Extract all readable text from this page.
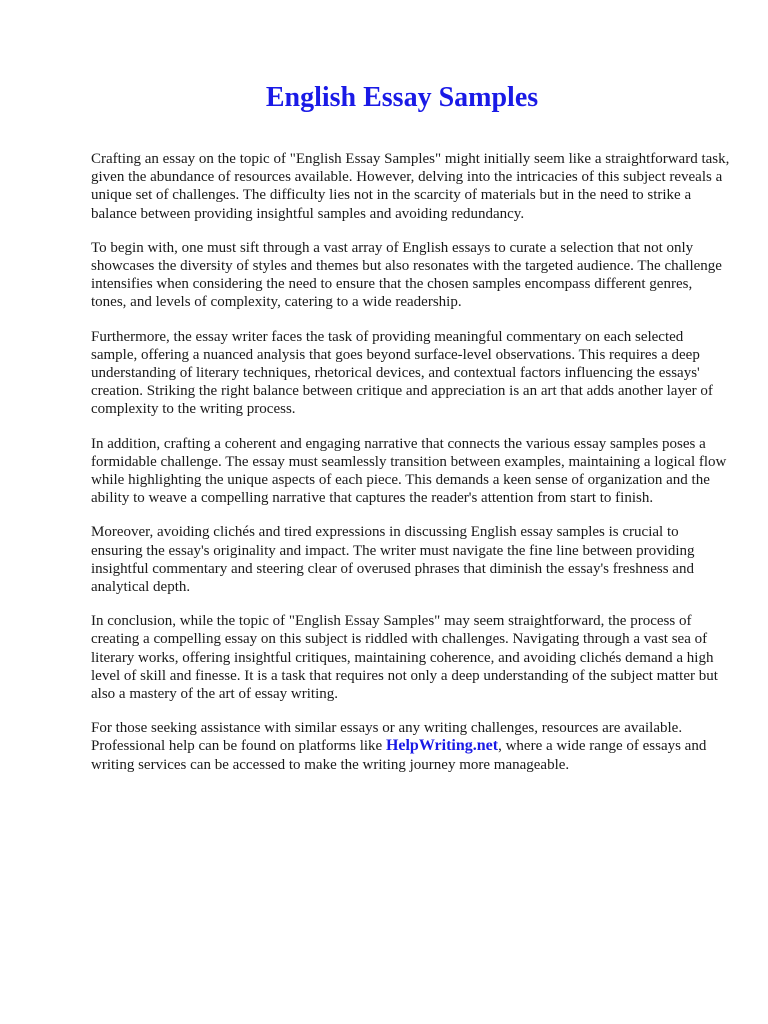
English Essay Samples

Crafting an essay on the topic of "English Essay Samples" might initially seem like a straightforward task, given the abundance of resources available. However, delving into the intricacies of this subject reveals a unique set of challenges. The difficulty lies not in the scarcity of materials but in the need to strike a balance between providing insightful samples and avoiding redundancy.

To begin with, one must sift through a vast array of English essays to curate a selection that not only showcases the diversity of styles and themes but also resonates with the targeted audience. The challenge intensifies when considering the need to ensure that the chosen samples encompass different genres, tones, and levels of complexity, catering to a wide readership.

Furthermore, the essay writer faces the task of providing meaningful commentary on each selected sample, offering a nuanced analysis that goes beyond surface-level observations. This requires a deep understanding of literary techniques, rhetorical devices, and contextual factors influencing the essays' creation. Striking the right balance between critique and appreciation is an art that adds another layer of complexity to the writing process.

In addition, crafting a coherent and engaging narrative that connects the various essay samples poses a formidable challenge. The essay must seamlessly transition between examples, maintaining a logical flow while highlighting the unique aspects of each piece. This demands a keen sense of organization and the ability to weave a compelling narrative that captures the reader's attention from start to finish.

Moreover, avoiding clichés and tired expressions in discussing English essay samples is crucial to ensuring the essay's originality and impact. The writer must navigate the fine line between providing insightful commentary and steering clear of overused phrases that diminish the essay's freshness and analytical depth.

In conclusion, while the topic of "English Essay Samples" may seem straightforward, the process of creating a compelling essay on this subject is riddled with challenges. Navigating through a vast sea of literary works, offering insightful critiques, maintaining coherence, and avoiding clichés demand a high level of skill and finesse. It is a task that requires not only a deep understanding of the subject matter but also a mastery of the art of essay writing.

For those seeking assistance with similar essays or any writing challenges, resources are available. Professional help can be found on platforms like HelpWriting.net, where a wide range of essays and writing services can be accessed to make the writing journey more manageable.
